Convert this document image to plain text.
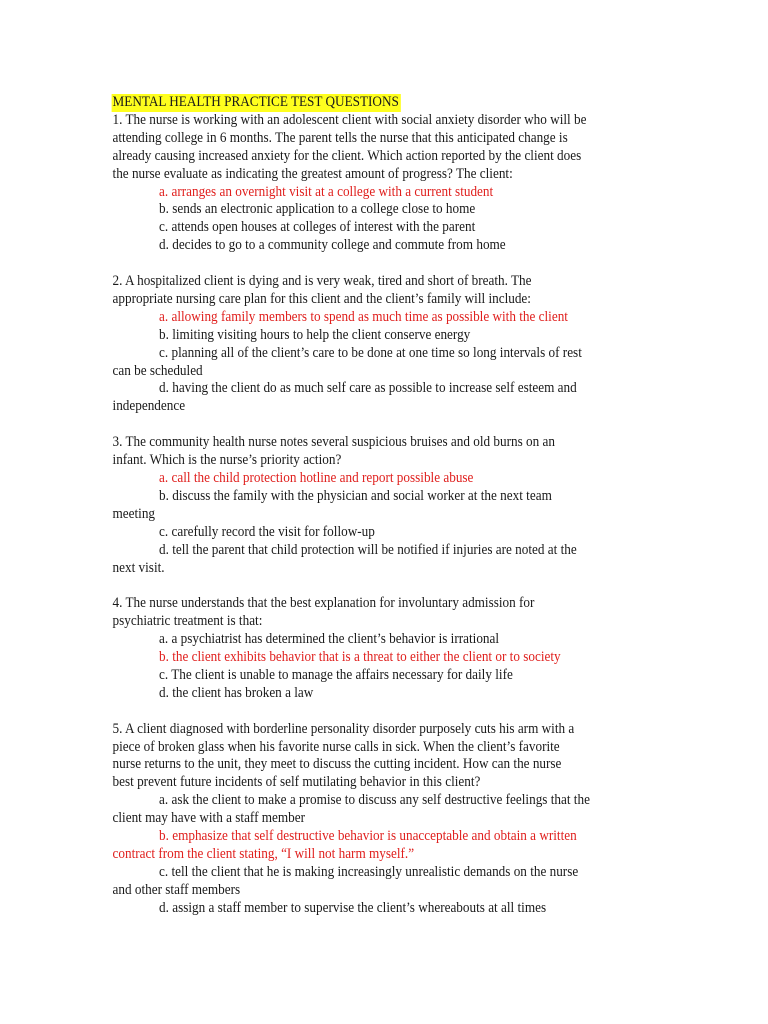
MENTAL HEALTH PRACTICE TEST QUESTIONS
1. The nurse is working with an adolescent client with social anxiety disorder who will be
attending college in 6 months. The parent tells the nurse that this anticipated change is
already causing increased anxiety for the client. Which action reported by the client does
the nurse evaluate as indicating the greatest amount of progress? The client:
a. arranges an overnight visit at a college with a current student
b. sends an electronic application to a college close to home
c. attends open houses at colleges of interest with the parent
d. decides to go to a community college and commute from home
2. A hospitalized client is dying and is very weak, tired and short of breath. The
appropriate nursing care plan for this client and the client’s family will include:
a. allowing family members to spend as much time as possible with the client
b. limiting visiting hours to help the client conserve energy
c. planning all of the client’s care to be done at one time so long intervals of rest
can be scheduled
d. having the client do as much self care as possible to increase self esteem and
independence
3. The community health nurse notes several suspicious bruises and old burns on an
infant. Which is the nurse’s priority action?
a. call the child protection hotline and report possible abuse
b. discuss the family with the physician and social worker at the next team
meeting
c. carefully record the visit for follow-up
d. tell the parent that child protection will be notified if injuries are noted at the
next visit.
4. The nurse understands that the best explanation for involuntary admission for
psychiatric treatment is that:
a. a psychiatrist has determined the client’s behavior is irrational
b. the client exhibits behavior that is a threat to either the client or to society
c. The client is unable to manage the affairs necessary for daily life
d. the client has broken a law
5. A client diagnosed with borderline personality disorder purposely cuts his arm with a
piece of broken glass when his favorite nurse calls in sick. When the client’s favorite
nurse returns to the unit, they meet to discuss the cutting incident. How can the nurse
best prevent future incidents of self mutilating behavior in this client?
a. ask the client to make a promise to discuss any self destructive feelings that the
client may have with a staff member
b. emphasize that self destructive behavior is unacceptable and obtain a written
contract from the client stating, “I will not harm myself.”
c. tell the client that he is making increasingly unrealistic demands on the nurse
and other staff members
d. assign a staff member to supervise the client’s whereabouts at all times
